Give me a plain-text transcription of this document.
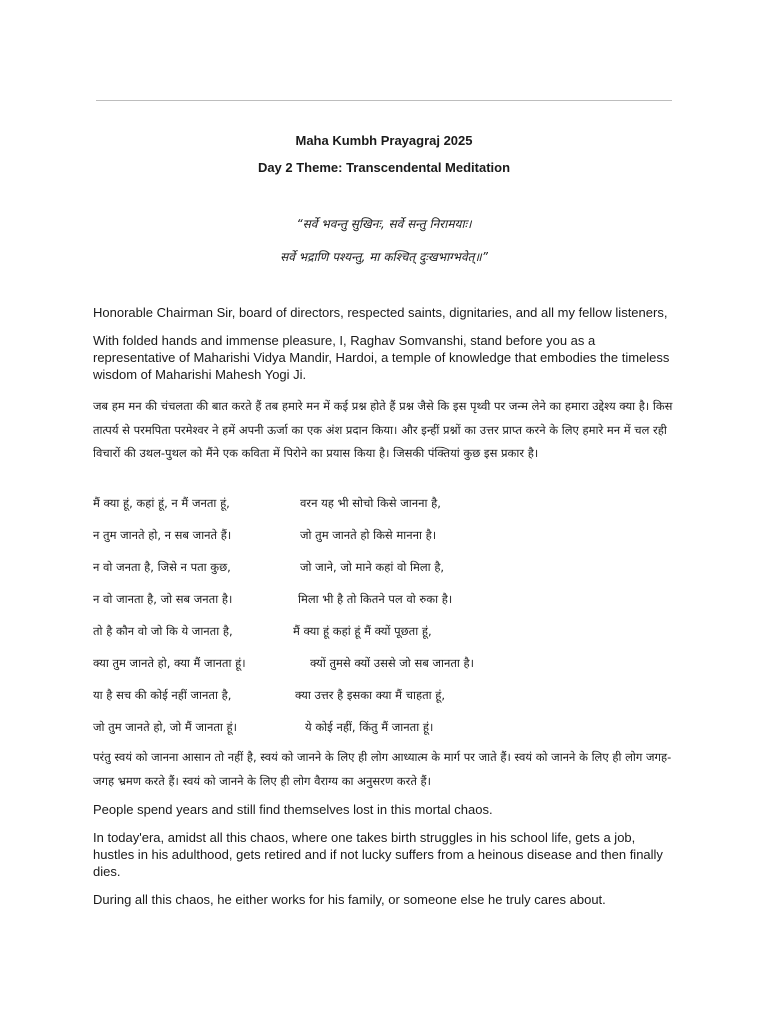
Maha Kumbh Prayagraj 2025
Day 2 Theme: Transcendental Meditation
“सर्वे भवन्तु सुखिनः, सर्वे सन्तु निरामयाः।
सर्वे भद्राणि पश्यन्तु, मा कश्चित् दुःखभाग्भवेत्॥”

Honorable Chairman Sir, board of directors, respected saints, dignitaries, and all my fellow listeners,

With folded hands and immense pleasure, I, Raghav Somvanshi, stand before you as a representative of Maharishi Vidya Mandir, Hardoi, a temple of knowledge that embodies the timeless wisdom of Maharishi Mahesh Yogi Ji.

जब हम मन की चंचलता की बात करते हैं तब हमारे मन में कई प्रश्न होते हैं प्रश्न जैसे कि इस पृथ्वी पर जन्म लेने का हमारा उद्देश्य क्या है। किस तात्पर्य से परमपिता परमेश्वर ने हमें अपनी ऊर्जा का एक अंश प्रदान किया। और इन्हीं प्रश्नों का उत्तर प्राप्त करने के लिए हमारे मन में चल रही विचारों की उथल-पुथल को मैंने एक कविता में पिरोने का प्रयास किया है। जिसकी पंक्तियां कुछ इस प्रकार है।

मैं क्या हूं, कहां हूं, न मैं जनता हूं,	वरन यह भी सोचो किसे जानना है,
न तुम जानते हो, न सब जानते हैं।	जो तुम जानते हो किसे मानना है।
न वो जनता है, जिसे न पता कुछ,	जो जाने, जो माने कहां वो मिला है,
न वो जानता है, जो सब जनता है।	मिला भी है तो कितने पल वो रुका है।
तो है कौन वो जो कि ये जानता है,	मैं क्या हूं कहां हूं मैं क्यों पूछता हूं,
क्या तुम जानते हो, क्या मैं जानता हूं।	क्यों तुमसे क्यों उससे जो सब जानता है।
या है सच की कोई नहीं जानता है,	क्या उत्तर है इसका क्या मैं चाहता हूं,
जो तुम जानते हो, जो मैं जानता हूं।	ये कोई नहीं, किंतु मैं जानता हूं।

परंतु स्वयं को जानना आसान तो नहीं है, स्वयं को जानने के लिए ही लोग आध्यात्म के मार्ग पर जाते हैं। स्वयं को जानने के लिए ही लोग जगह-जगह भ्रमण करते हैं। स्वयं को जानने के लिए ही लोग वैराग्य का अनुसरण करते हैं।

People spend years and still find themselves lost in this mortal chaos.

In today'era, amidst all this chaos, where one takes birth struggles in his school life, gets a job, hustles in his adulthood, gets retired and if not lucky suffers from a heinous disease and then finally dies.

During all this chaos, he either works for his family, or someone else he truly cares about.
